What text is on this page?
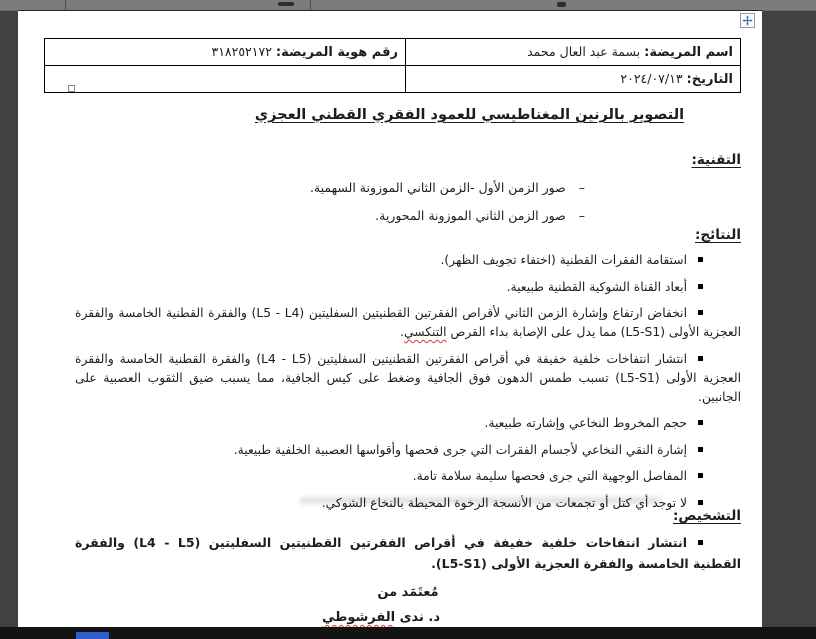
اسم المريضة: بسمة عبد العال محمد	رقم هوية المريضة: ٣١٨٢٥٢١٧٢
التاريخ: ٢٠٢٤/٠٧/١٣	
التصوير بالرنين المغناطيسي للعمود الفقري القطني العجزي
التقنية:
–صور الزمن الأول -الزمن الثاني الموزونة السهمية.
–صور الزمن الثاني الموزونة المحورية.
النتائج:
استقامة الفقرات القطنية (اختفاء تجويف الظهر).
أبعاد القناة الشوكية القطنية طبيعية.
انخفاض ارتفاع وإشارة الزمن الثاني لأقراص الفقرتين القطنيتين السفليتين (L5 - L4) والفقرة القطنية الخامسة والفقرة العجزية الأولى (L5-S1) مما يدل على الإصابة بداء القرص التنكسي.
انتشار انتفاخات خلفية خفيفة في أقراص الفقرتين القطنيتين السفليتين (L4 - L5) والفقرة القطنية الخامسة والفقرة العجزية الأولى (L5-S1) تسبب طمس الدهون فوق الجافية وضغط على كيس الجافية، مما يسبب ضيق الثقوب العصبية على الجانبين.
حجم المخروط النخاعي وإشارته طبيعية.
إشارة النقي النخاعي لأجسام الفقرات التي جرى فحصها وأقواسها العصبية الخلفية طبيعية.
المفاصل الوجهية التي جرى فحصها سليمة سلامة تامة.
لا توجد أي كتل أو تجمعات من الأنسجة الرخوة المحيطة بالنخاع الشوكي.
التشخيص:
انتشار انتفاخات خلفية خفيفة في أقراص الفقرتين القطنيتين السفليتين (L4 - L5) والفقرة القطنية الخامسة والفقرة العجزية الأولى (L5-S1).
مُعتَمَد من
د. ندى الفرشوطي
